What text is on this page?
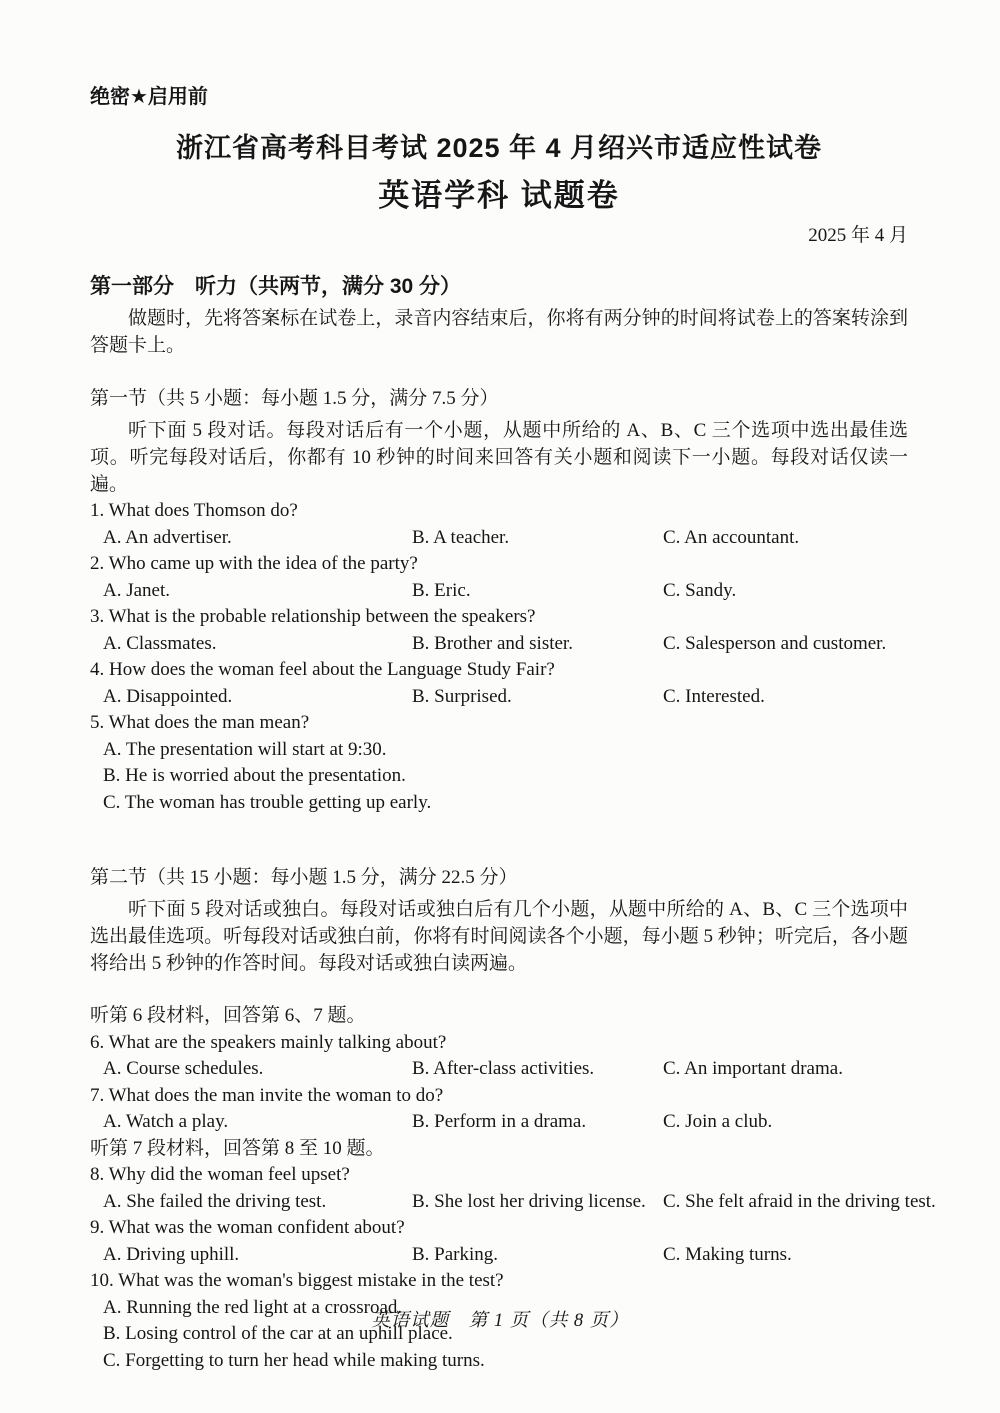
绝密★启用前
浙江省高考科目考试 2025 年 4 月绍兴市适应性试卷
英语学科 试题卷
2025 年 4 月
第一部分　听力（共两节，满分 30 分）

做题时，先将答案标在试卷上，录音内容结束后，你将有两分钟的时间将试卷上的答案转涂到答题卡上。

第一节（共 5 小题：每小题 1.5 分，满分 7.5 分）

听下面 5 段对话。每段对话后有一个小题，从题中所给的 A、B、C 三个选项中选出最佳选项。听完每段对话后，你都有 10 秒钟的时间来回答有关小题和阅读下一小题。每段对话仅读一遍。

1. What does Thomson do?
A. An advertiser.	B. A teacher.	C. An accountant.
2. Who came up with the idea of the party?
A. Janet.	B. Eric.	C. Sandy.
3. What is the probable relationship between the speakers?
A. Classmates.	B. Brother and sister.	C. Salesperson and customer.
4. How does the woman feel about the Language Study Fair?
A. Disappointed.	B. Surprised.	C. Interested.
5. What does the man mean?
A. The presentation will start at 9:30.
B. He is worried about the presentation.
C. The woman has trouble getting up early.
第二节（共 15 小题：每小题 1.5 分，满分 22.5 分）

听下面 5 段对话或独白。每段对话或独白后有几个小题，从题中所给的 A、B、C 三个选项中选出最佳选项。听每段对话或独白前，你将有时间阅读各个小题，每小题 5 秒钟；听完后，各小题将给出 5 秒钟的作答时间。每段对话或独白读两遍。

听第 6 段材料，回答第 6、7 题。
6. What are the speakers mainly talking about?
A. Course schedules.	B. After-class activities.	C. An important drama.
7. What does the man invite the woman to do?
A. Watch a play.	B. Perform in a drama.	C. Join a club.
听第 7 段材料，回答第 8 至 10 题。
8. Why did the woman feel upset?
A. She failed the driving test.	B. She lost her driving license. C. She felt afraid in the driving test.
9. What was the woman confident about?
A. Driving uphill.	B. Parking.	C. Making turns.
10. What was the woman's biggest mistake in the test?
A. Running the red light at a crossroad.
B. Losing control of the car at an uphill place.
C. Forgetting to turn her head while making turns.
英语试题　第 1 页（共 8 页）
